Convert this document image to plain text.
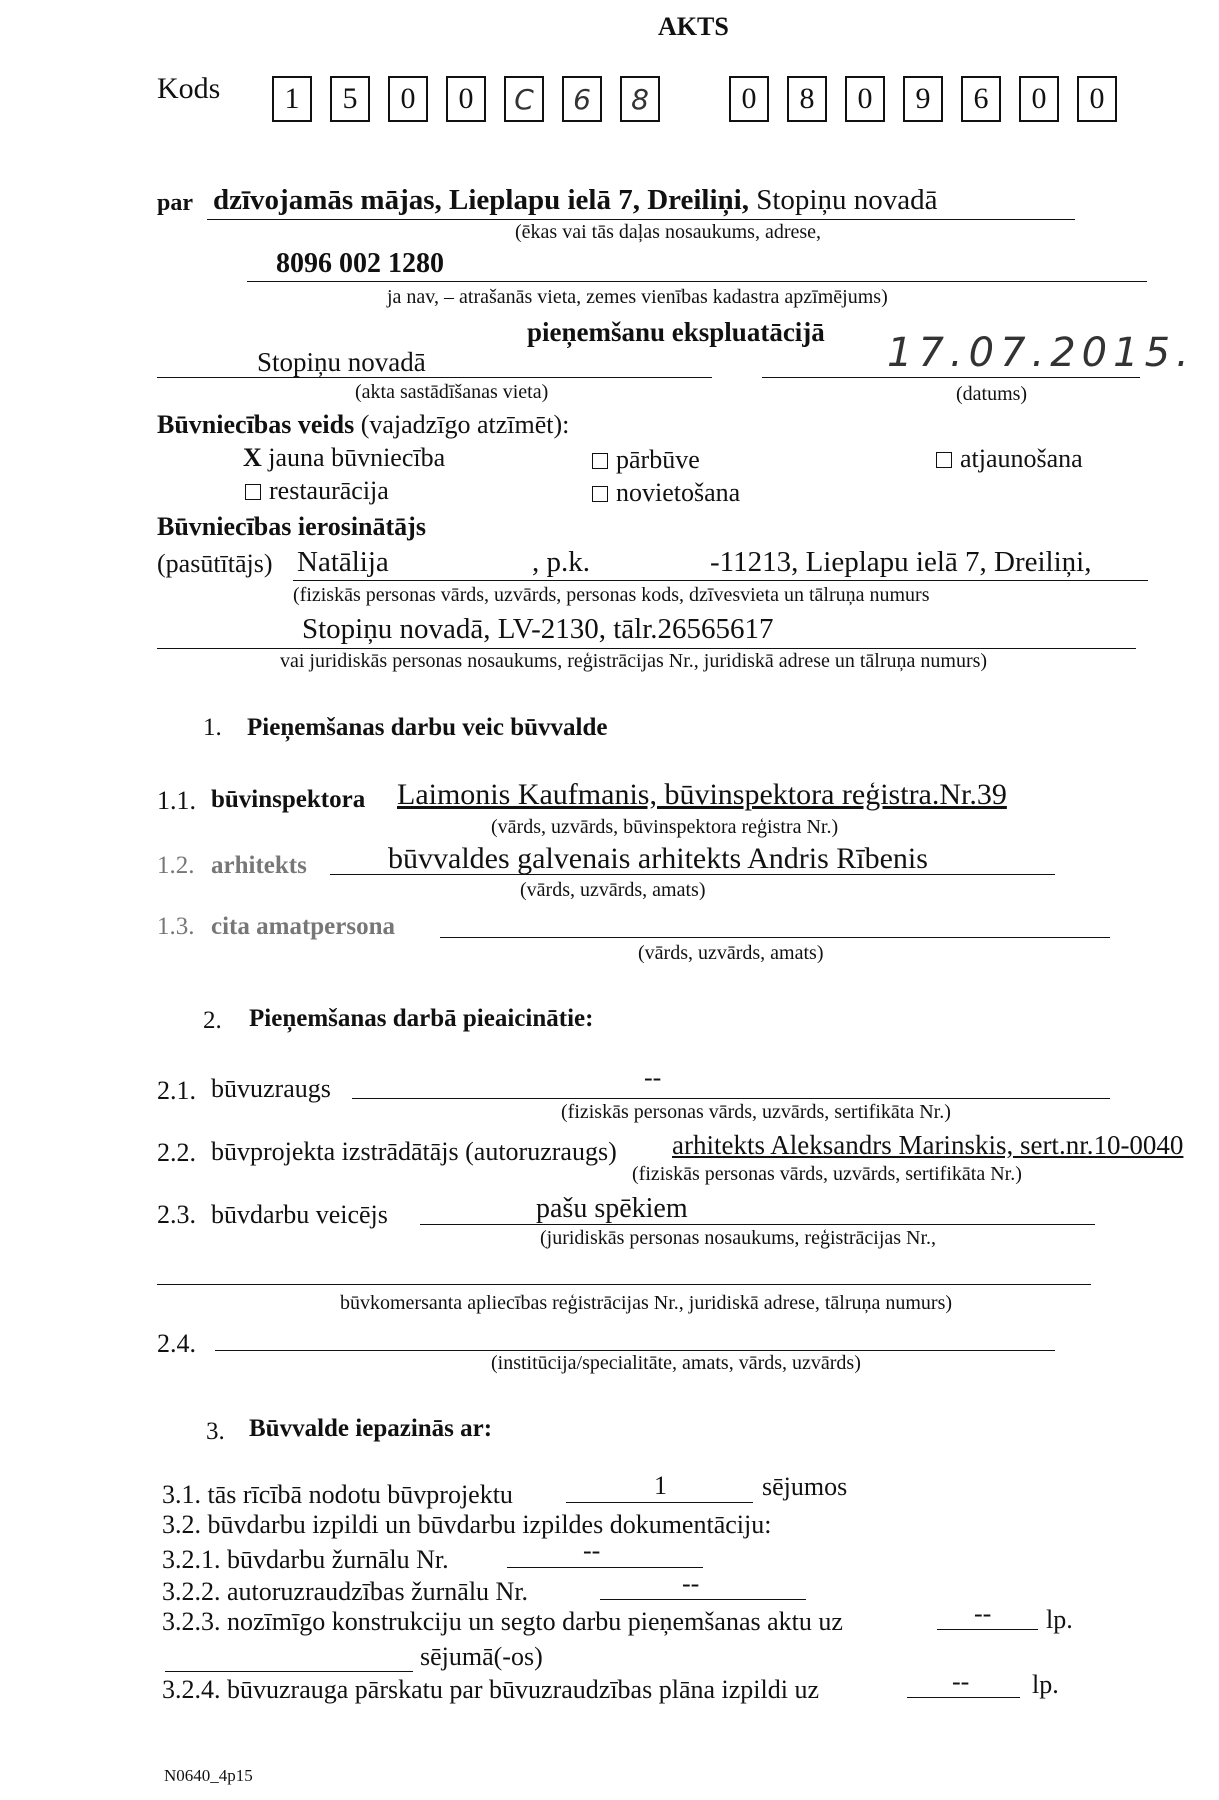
AKTS
Kods	1	5	0	0	C	6	8	0	8	0	9	6	0	0
par dzīvojamās mājas, Lieplapu ielā 7, Dreiliņi, Stopiņu novadā
(ēkas vai tās daļas nosaukums, adrese,
8096 002 1280
ja nav, – atrašanās vieta, zemes vienības kadastra apzīmējums)
pieņemšanu ekspluatācijā
Stopiņu novadā
(akta sastādīšanas vieta)
17.07.2015.
(datums)
Būvniecības veids (vajadzīgo atzīmēt):
X jauna būvniecība	pārbūve	atjaunošana
restaurācija	novietošana
Būvniecības ierosinātājs
(pasūtītājs) Natālija	, p.k.	-11213, Lieplapu ielā 7, Dreiliņi,
(fiziskās personas vārds, uzvārds, personas kods, dzīvesvieta un tālruņa numurs
Stopiņu novadā, LV-2130, tālr.26565617
vai juridiskās personas nosaukums, reģistrācijas Nr., juridiskā adrese un tālruņa numurs)
1. Pieņemšanas darbu veic būvvalde
1.1. būvinspektora Laimonis Kaufmanis, būvinspektora reģistra.Nr.39
(vārds, uzvārds, būvinspektora reģistra Nr.)
1.2. arhitekts	būvvaldes galvenais arhitekts Andris Rībenis
(vārds, uzvārds, amats)
1.3. cita amatpersona
(vārds, uzvārds, amats)
2. Pieņemšanas darbā pieaicinātie:
2.1. būvuzraugs	--
(fiziskās personas vārds, uzvārds, sertifikāta Nr.)
2.2. būvprojekta izstrādātājs (autoruzraugs) arhitekts Aleksandrs Marinskis, sert.nr.10-0040
(fiziskās personas vārds, uzvārds, sertifikāta Nr.)
2.3. būvdarbu veicējs	pašu spēkiem
(juridiskās personas nosaukums, reģistrācijas Nr.,
būvkomersanta apliecības reģistrācijas Nr., juridiskā adrese, tālruņa numurs)
2.4.
(institūcija/specialitāte, amats, vārds, uzvārds)
3. Būvvalde iepazinās ar:
3.1. tās rīcībā nodotu būvprojektu	1	sējumos
3.2. būvdarbu izpildi un būvdarbu izpildes dokumentāciju:
3.2.1. būvdarbu žurnālu Nr.	--
3.2.2. autoruzraudzības žurnālu Nr.	--
3.2.3. nozīmīgo konstrukciju un segto darbu pieņemšanas aktu uz	-- lp.
sējumā(-os)
3.2.4. būvuzrauga pārskatu par būvuzraudzības plāna izpildi uz	-- lp.
N0640_4p15
